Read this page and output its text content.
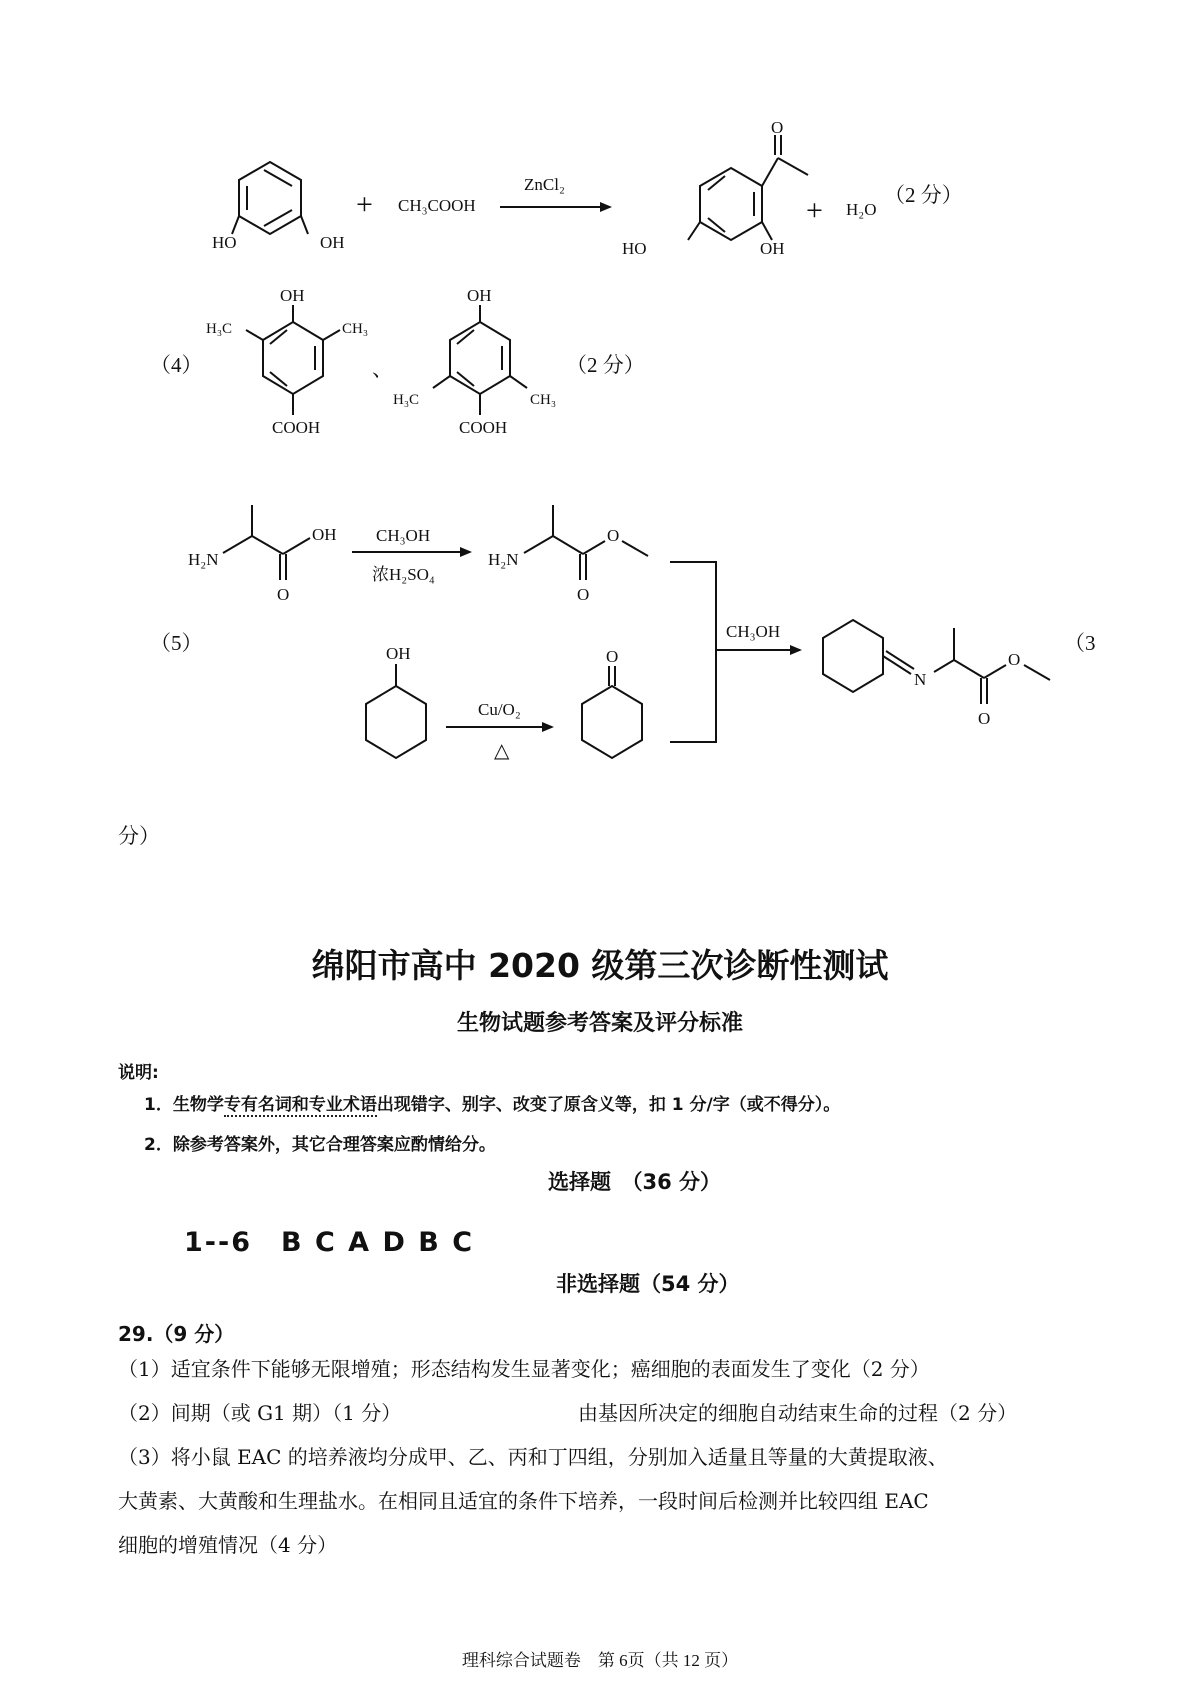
HO	OH
+ CH₃COOH
ZnCl₂
O
HO	OH
+ H₂O
（2 分）
（4）
OH
H₃C	CH₃
COOH
、
OH
H₃C	CH₃
COOH
（2 分）
H₂N
OH
O
CH₃OH
浓H₂SO₄
H₂N
O
O
（5）	OH
Cu/O₂
△
O
CH₃OH
N
O
O
（3
分）
绵阳市高中 2020 级第三次诊断性测试
生物试题参考答案及评分标准
说明:
1．生物学专有名词和专业术语出现错字、别字、改变了原含义等，扣 1 分/字（或不得分）。
2．除参考答案外，其它合理答案应酌情给分。
选择题　（36 分）
1--6　B C A D B C
非选择题（54 分）
29.（9 分）
（1）适宜条件下能够无限增殖；形态结构发生显著变化；癌细胞的表面发生了变化（2 分）
（2）间期（或 G1 期）（1 分）	由基因所决定的细胞自动结束生命的过程（2 分）
（3）将小鼠 EAC 的培养液均分成甲、乙、丙和丁四组，分别加入适量且等量的大黄提取液、
大黄素、大黄酸和生理盐水。在相同且适宜的条件下培养，一段时间后检测并比较四组 EAC
细胞的增殖情况（4 分）
理科综合试题卷　第 6页（共 12 页）
